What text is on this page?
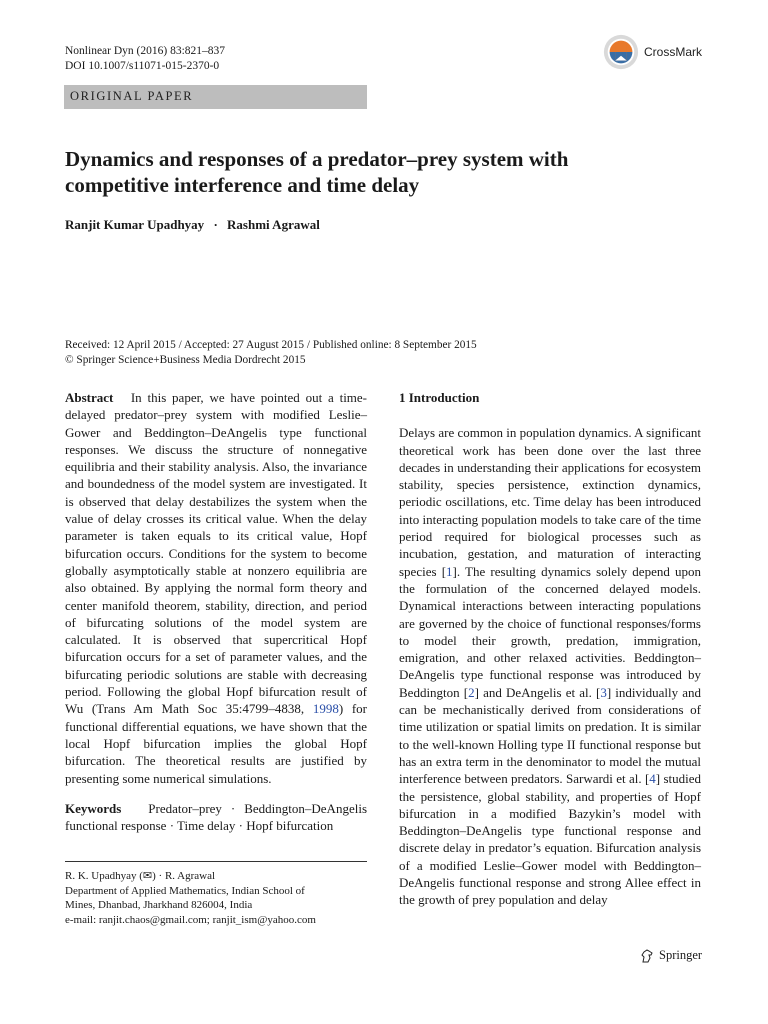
Nonlinear Dyn (2016) 83:821–837
DOI 10.1007/s11071-015-2370-0
CrossMark
ORIGINAL PAPER
Dynamics and responses of a predator–prey system with
competitive interference and time delay
Ranjit Kumar Upadhyay · Rashmi Agrawal
Received: 12 April 2015 / Accepted: 27 August 2015 / Published online: 8 September 2015
© Springer Science+Business Media Dordrecht 2015

Abstract In this paper, we have pointed out a time-delayed predator–prey system with modified Leslie–Gower and Beddington–DeAngelis type functional responses. We discuss the structure of nonnegative equilibria and their stability analysis. Also, the invariance and boundedness of the model system are investigated. It is observed that delay destabilizes the system when the value of delay crosses its critical value. When the delay parameter is taken equals to its critical value, Hopf bifurcation occurs. Conditions for the system to become globally asymptotically stable at nonzero equilibria are also obtained. By applying the normal form theory and center manifold theorem, stability, direction, and period of bifurcating solutions of the model system are calculated. It is observed that supercritical Hopf bifurcation occurs for a set of parameter values, and the bifurcating periodic solutions are stable with decreasing period. Following the global Hopf bifurcation result of Wu (Trans Am Math Soc 35:4799–4838, 1998) for functional differential equations, we have shown that the local Hopf bifurcation implies the global Hopf bifurcation. The theoretical results are justified by presenting some numerical simulations.

Keywords Predator–prey · Beddington–DeAngelis functional response · Time delay · Hopf bifurcation

R. K. Upadhyay (✉) · R. Agrawal
Department of Applied Mathematics, Indian School of
Mines, Dhanbad, Jharkhand 826004, India
e-mail: ranjit.chaos@gmail.com; ranjit_ism@yahoo.com

1 Introduction

Delays are common in population dynamics. A significant theoretical work has been done over the last three decades in understanding their applications for ecosystem stability, species persistence, extinction dynamics, periodic oscillations, etc. Time delay has been introduced into interacting population models to take care of the time period required for biological processes such as incubation, gestation, and maturation of interacting species [1]. The resulting dynamics solely depend upon the formulation of the concerned delayed models. Dynamical interactions between interacting populations are governed by the choice of functional responses/forms to model their growth, predation, immigration, emigration, and other relaxed activities. Beddington–DeAngelis type functional response was introduced by Beddington [2] and DeAngelis et al. [3] individually and can be mechanistically derived from considerations of time utilization or spatial limits on predation. It is similar to the well-known Holling type II functional response but has an extra term in the denominator to model the mutual interference between predators. Sarwardi et al. [4] studied the persistence, global stability, and properties of Hopf bifurcation in a modified Bazykin’s model with Beddington–DeAngelis type functional response and discrete delay in predator’s equation. Bifurcation analysis of a modified Leslie–Gower model with Beddington–DeAngelis functional response and strong Allee effect in the growth of prey population and delay

Springer
